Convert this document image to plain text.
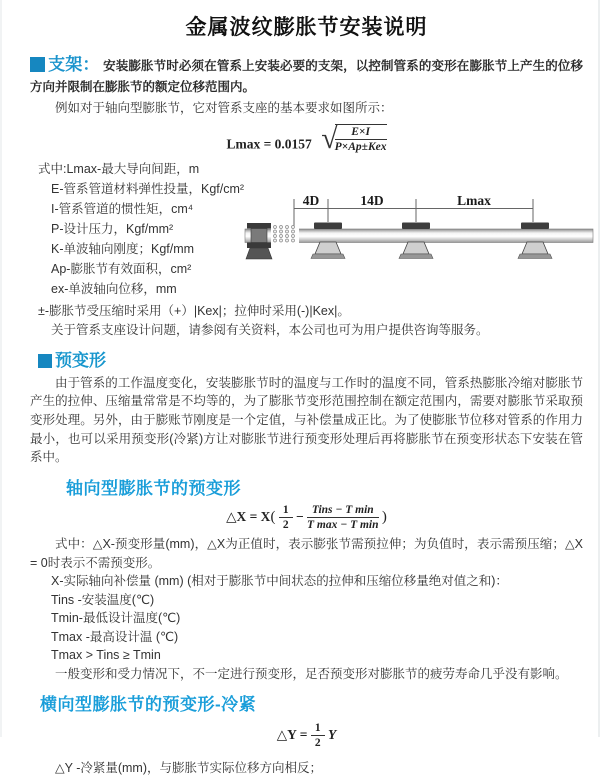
金属波纹膨胀节安装说明
支架： 安装膨胀节时必须在管系上安装必要的支架，以控制管系的变形在膨胀节上产生的位移方向并限制在膨胀节的额定位移范围内。
例如对于轴向型膨胀节，它对管系支座的基本要求如图所示：
Lmax = 0.0157 √
$\frac{E\times I}{\text{P×Ap±Kex}}$
式中:Lmax-最大导向间距，m
E-管系管道材料弹性投量，Kgf/cm²
I-管系管道的惯性矩，cm⁴
P-设计压力，Kgf/mm²
K-单波轴向刚度；Kgf/mm
Ap-膨胀节有效面积，cm²
ex-单波轴向位移，mm
4D	14D	Lmax
±-膨胀节受压缩时采用（+）|Kex|；拉伸时采用(-)|Kex|。
关于管系支座设计问题，请参阅有关资料，本公司也可为用户提供咨询等服务。
预变形
由于管系的工作温度变化，安装膨胀节时的温度与工作时的温度不同，管系热膨胀冷缩对膨胀节产生的拉伸、压缩量常常是不均等的，为了膨胀节变形范围控制在额定范围内，需要对膨胀节采取预变形处理。另外，由于膨账节刚度是一个定值，与补偿量成正比。为了使膨胀节位移对管系的作用力最小，也可以采用预变形(冷紧)方让对膨胀节进行预变形处理后再将膨胀节在预变形状态下安装在管系中。
轴向型膨胀节的预变形
△X = $X( \frac{1}{2} - \frac{\text{Tins − T min}}{\text{T max − T min}}$ )
式中：△X-预变形量(mm)，△X为正值时，表示膨张节需预拉伸；为负值时，表示需预压缩；△X = 0时表示不需预变形。
X-实际轴向补偿量 (mm) (相对于膨胀节中间状态的拉伸和压缩位移量绝对值之和)：
Tins -安装温度(℃)
Tmin-最低设计温度(℃)
Tmax -最高设计温 (℃)
Tmax > Tins ≥ Tmin
一般变形和受力情况下，不一定进行预变形，足否预变形对膨胀节的疲劳寿命几乎没有影响。
横向型膨胀节的预变形-冷紧
△Y = $\frac{1}{2}$ Y
△Y -冷紧量(mm)，与膨胀节实际位移方向相反；
